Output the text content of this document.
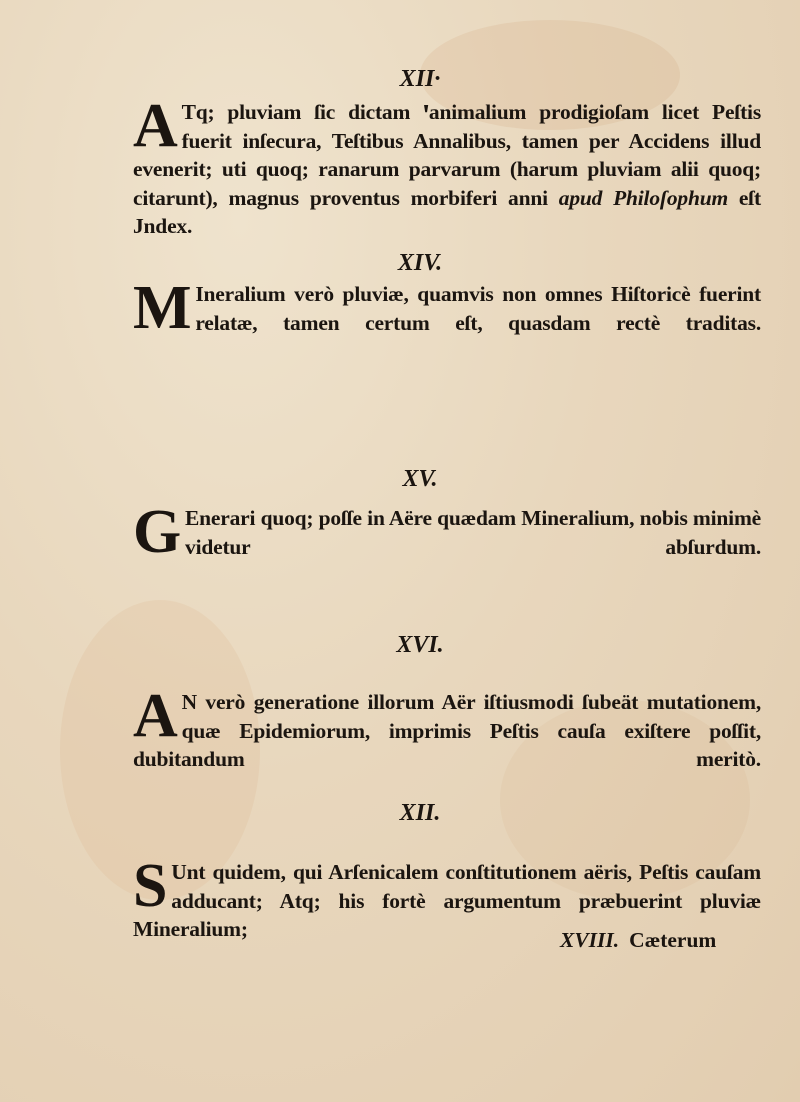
XII·
A Tq; pluviam ſic dictam ꞌanimalium prodigioſam licet Peſtis fuerit inſecura, Teſtibus Annalibus, tamen per Accidens illud evenerit; uti quoq; ranarum parvarum (harum pluviam alii quoq; citarunt), magnus proventus morbiferi anni apud Philoſophum eſt Jndex.
XIV.
M Ineralium verò pluviæ, quamvis non omnes Hiſtoricè fuerint relatæ, tamen certum eſt, quasdam rectè traditas.
XV.
G Enerari quoq; poſſe in Aëre quædam Mineralium, nobis minimè videtur abſurdum.
XVI.
A N verò generatione illorum Aër iſtiusmodi ſubeät mutationem, quæ Epidemiorum, imprimis Peſtis cauſa exiſtere poſſit, dubitandum meritò.
XII.
S Unt quidem, qui Arſenicalem conſtitutionem aëris, Peſtis cauſam adducant; Atq; his fortè argumentum præbuerint pluviæ Mineralium;	XVIII. Cæterum
